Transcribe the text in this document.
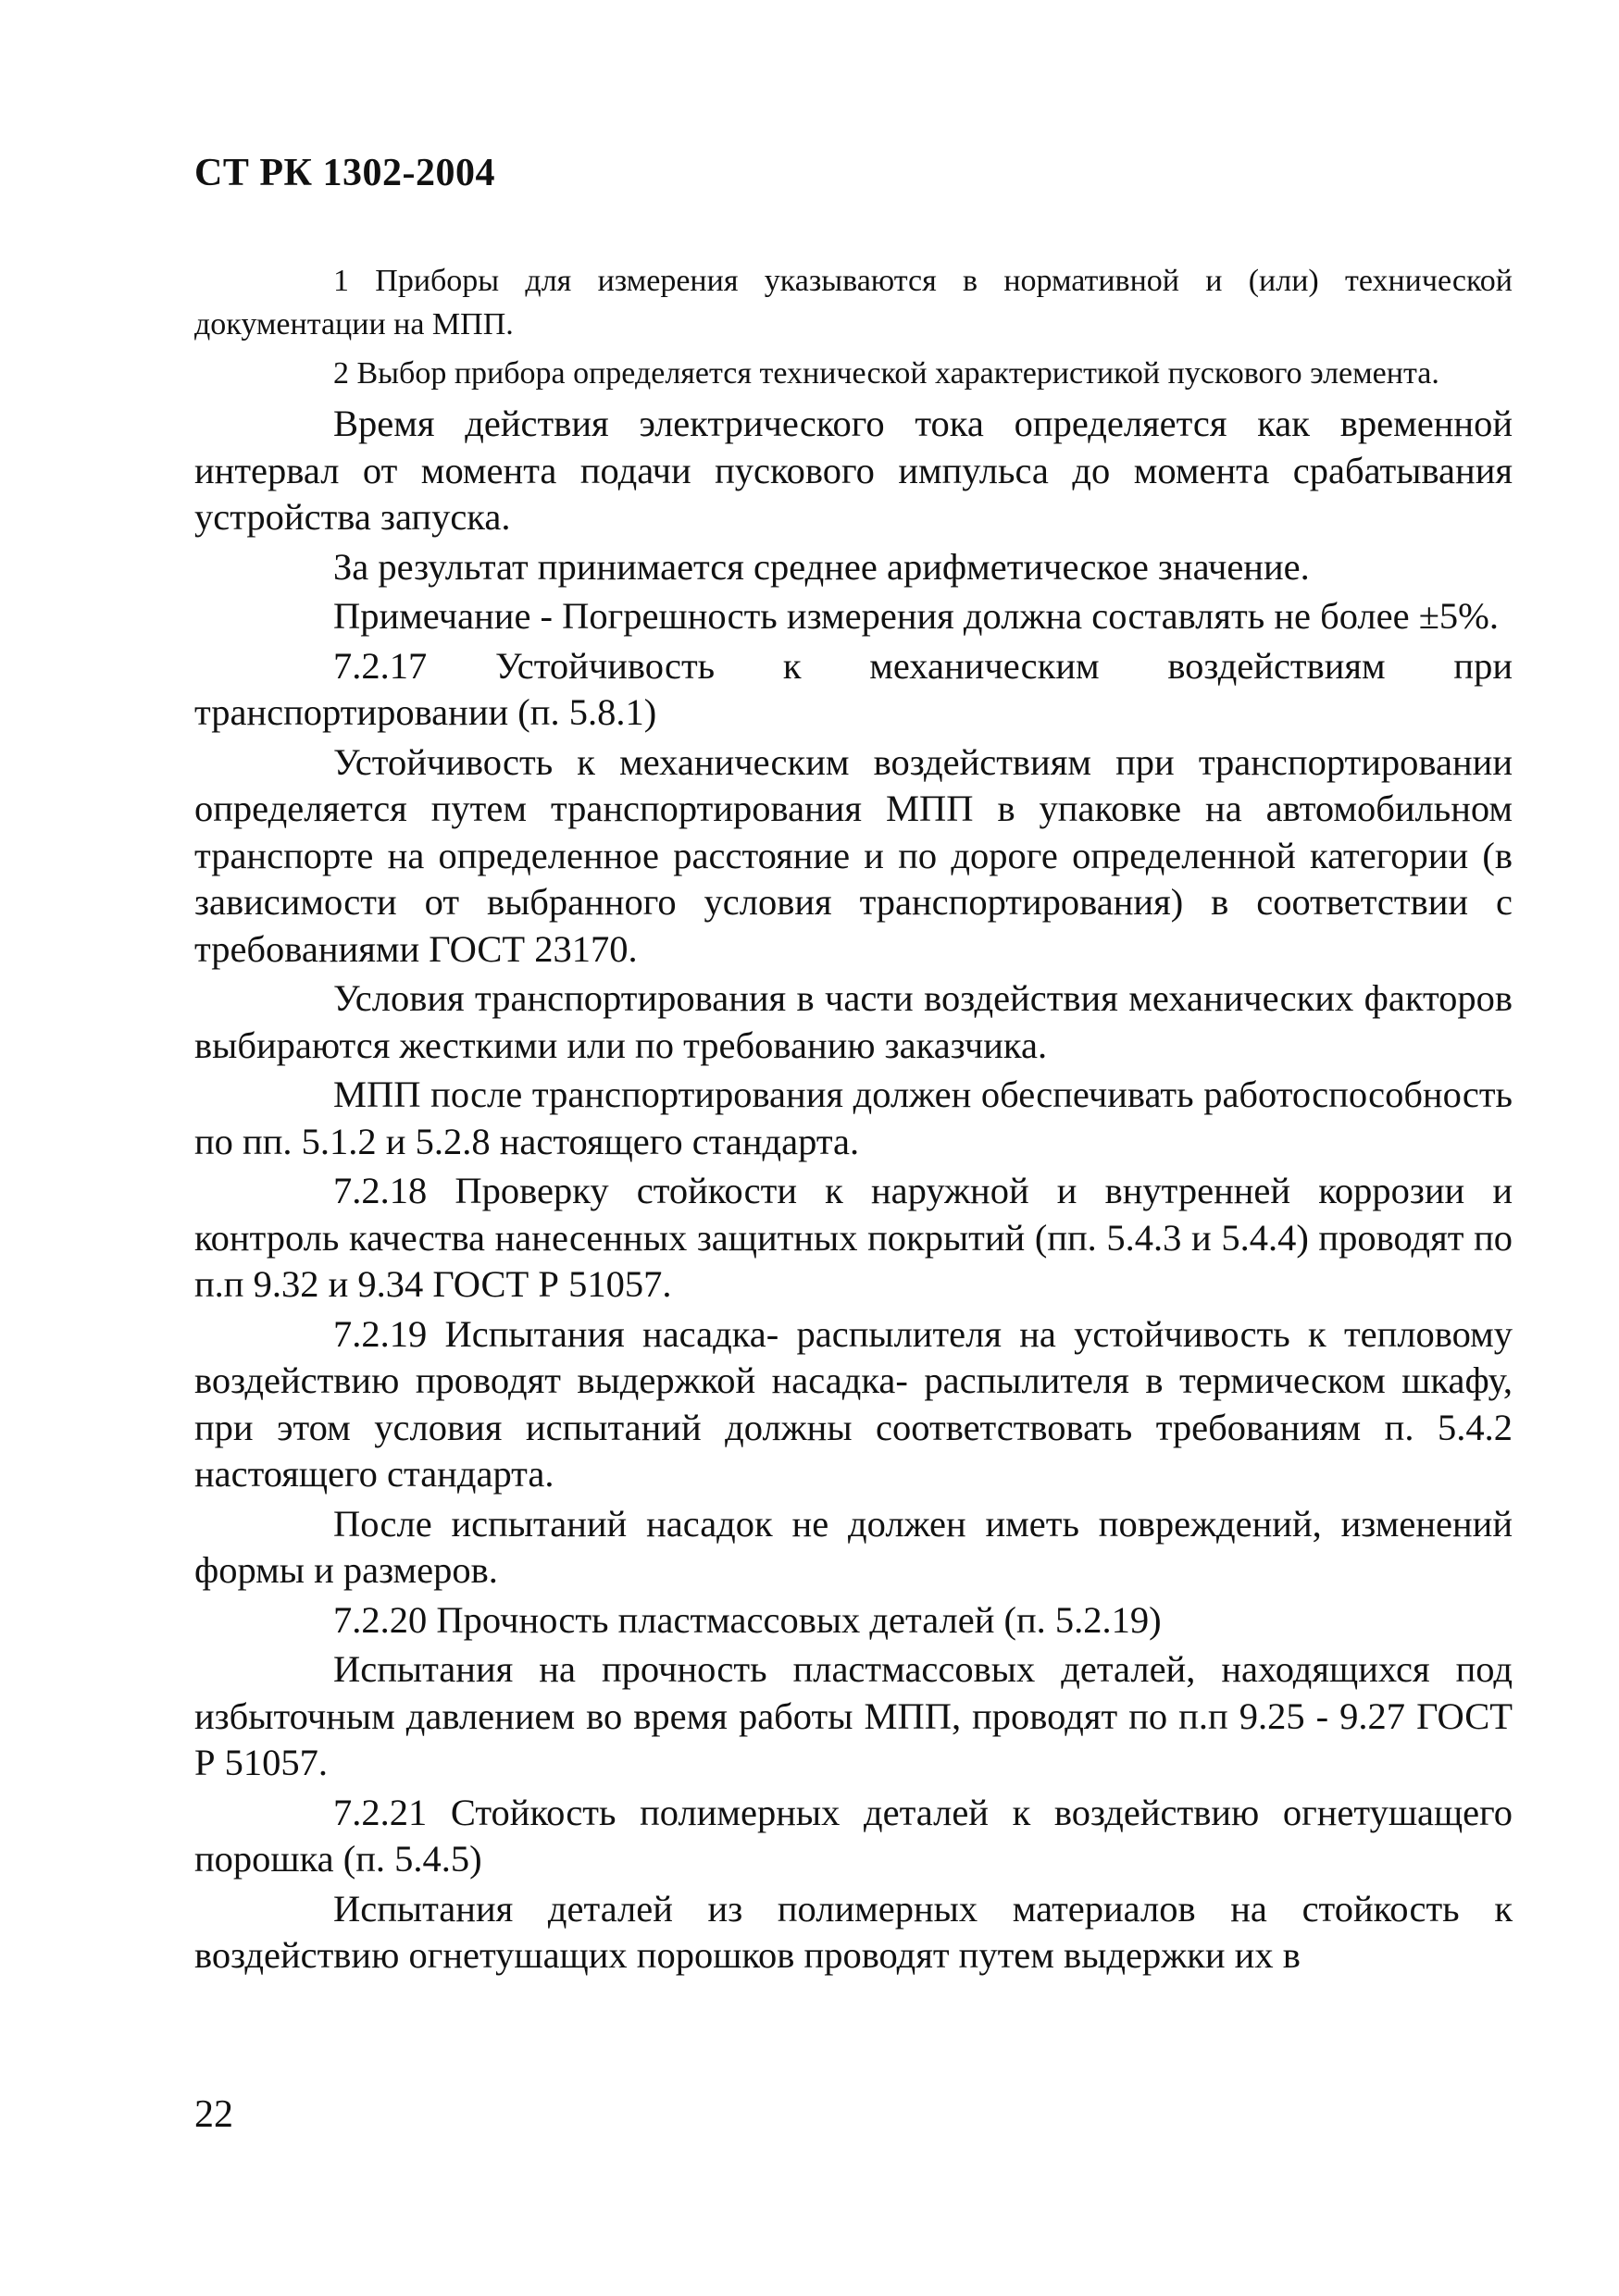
СТ РК 1302-2004

1 Приборы для измерения указываются в нормативной и (или) технической документации на МПП.

2 Выбор прибора определяется технической характеристикой пускового элемента.

Время действия электрического тока определяется как временной интервал от момента подачи пускового импульса до момента срабатывания устройства запуска.

За результат принимается среднее арифметическое значение.

Примечание - Погрешность измерения должна составлять не более ±5%.

7.2.17 Устойчивость к механическим воздействиям при транспортировании (п. 5.8.1)

Устойчивость к механическим воздействиям при транспортировании определяется путем транспортирования МПП в упаковке на автомобильном транспорте на определенное расстояние и по дороге определенной категории (в зависимости от выбранного условия транспортирования) в соответствии с требованиями ГОСТ 23170.

Условия транспортирования в части воздействия механических факторов выбираются жесткими или по требованию заказчика.

МПП после транспортирования должен обеспечивать работоспособность по пп. 5.1.2 и 5.2.8 настоящего стандарта.

7.2.18 Проверку стойкости к наружной и внутренней коррозии и контроль качества нанесенных защитных покрытий (пп. 5.4.3 и 5.4.4) проводят по п.п 9.32 и 9.34 ГОСТ Р 51057.

7.2.19 Испытания насадка- распылителя на устойчивость к тепловому воздействию проводят выдержкой насадка- распылителя в термическом шкафу, при этом условия испытаний должны соответствовать требованиям п. 5.4.2 настоящего стандарта.

После испытаний насадок не должен иметь повреждений, изменений формы и размеров.

7.2.20 Прочность пластмассовых деталей (п. 5.2.19)

Испытания на прочность пластмассовых деталей, находящихся под избыточным давлением во время работы МПП, проводят по п.п 9.25 - 9.27 ГОСТ Р 51057.

7.2.21 Стойкость полимерных деталей к воздействию огнетушащего порошка (п. 5.4.5)

Испытания деталей из полимерных материалов на стойкость к воздействию огнетушащих порошков проводят путем выдержки их в

22
